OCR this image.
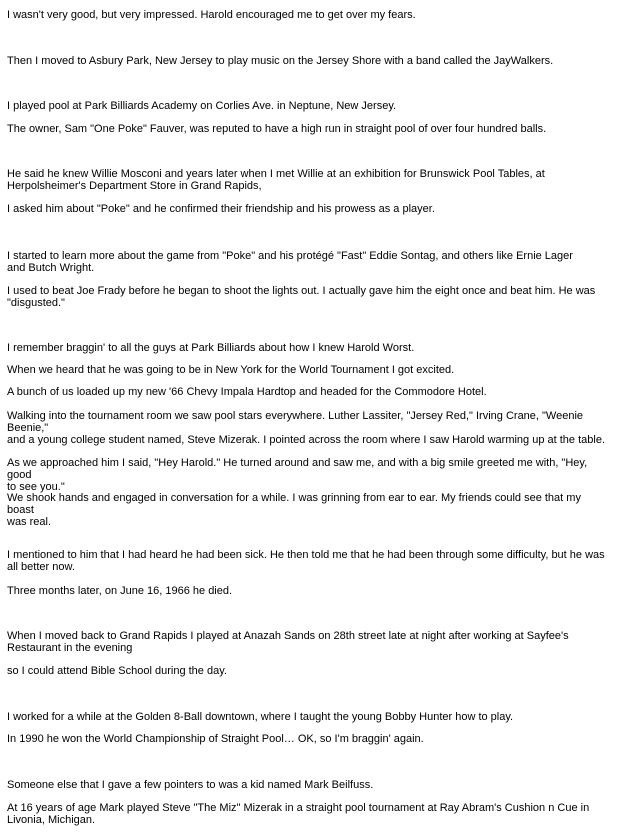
I wasn't very good, but very impressed. Harold encouraged me to get over my fears.

Then I moved to Asbury Park, New Jersey to play music on the Jersey Shore with a band called the JayWalkers.

I played pool at Park Billiards Academy on Corlies Ave. in Neptune, New Jersey.

The owner, Sam "One Poke" Fauver, was reputed to have a high run in straight pool of over four hundred balls.

He said he knew Willie Mosconi and years later when I met Willie at an exhibition for Brunswick Pool Tables, at
Herpolsheimer's Department Store in Grand Rapids,

I asked him about "Poke" and he confirmed their friendship and his prowess as a player.

I started to learn more about the game from "Poke" and his protégé "Fast" Eddie Sontag, and others like Ernie Lager
and Butch Wright.

I used to beat Joe Frady before he began to shoot the lights out. I actually gave him the eight once and beat him. He was
"disgusted."

I remember braggin' to all the guys at Park Billiards about how I knew Harold Worst.

When we heard that he was going to be in New York for the World Tournament I got excited.

A bunch of us loaded up my new '66 Chevy Impala Hardtop and headed for the Commodore Hotel.

Walking into the tournament room we saw pool stars everywhere. Luther Lassiter, "Jersey Red," Irving Crane, "Weenie
Beenie,"
and a young college student named, Steve Mizerak. I pointed across the room where I saw Harold warming up at the table.

As we approached him I said, "Hey Harold." He turned around and saw me, and with a big smile greeted me with, "Hey, good
to see you."

We shook hands and engaged in conversation for a while. I was grinning from ear to ear. My friends could see that my boast
was real.

I mentioned to him that I had heard he had been sick. He then told me that he had been through some difficulty, but he was
all better now.

Three months later, on June 16, 1966 he died.

When I moved back to Grand Rapids I played at Anazah Sands on 28th street late at night after working at Sayfee's
Restaurant in the evening

so I could attend Bible School during the day.

I worked for a while at the Golden 8-Ball downtown, where I taught the young Bobby Hunter how to play.

In 1990 he won the World Championship of Straight Pool… OK, so I'm braggin' again.

Someone else that I gave a few pointers to was a kid named Mark Beilfuss.

At 16 years of age Mark played Steve "The Miz" Mizerak in a straight pool tournament at Ray Abram's Cushion n Cue in
Livonia, Michigan.
